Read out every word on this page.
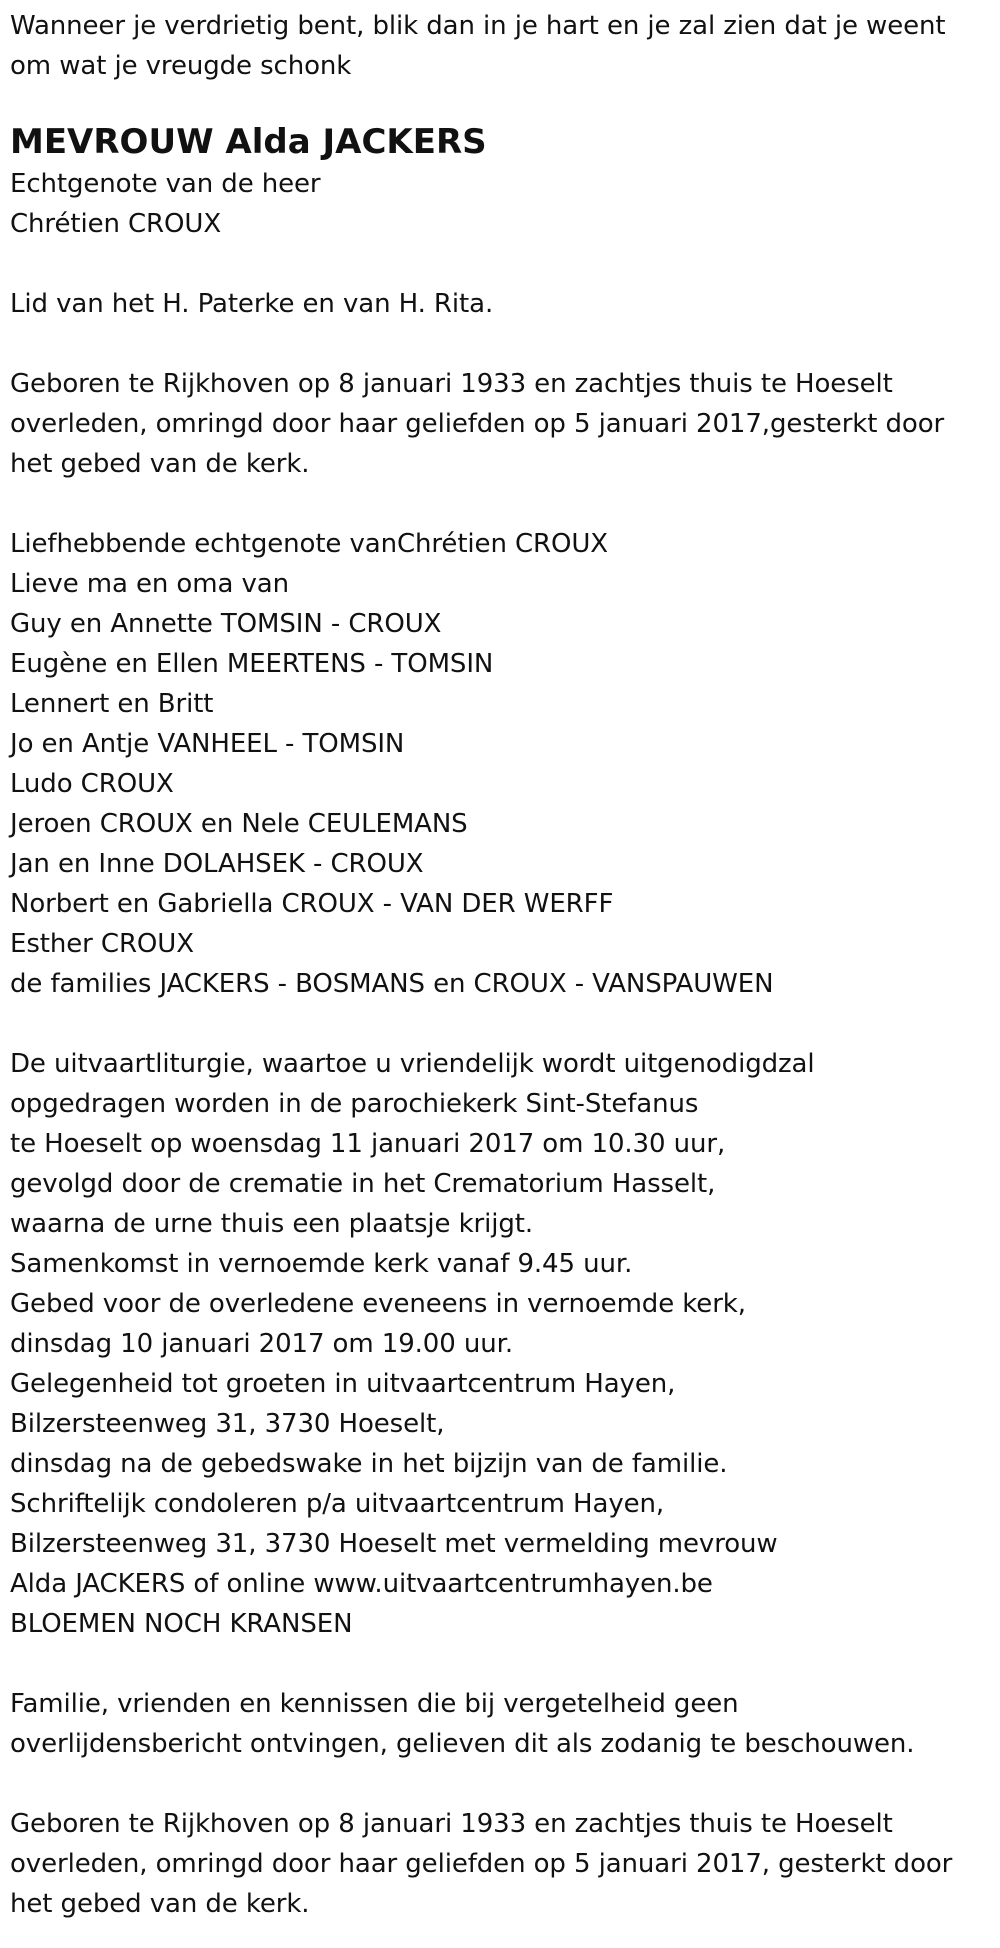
Wanneer je verdrietig bent, blik dan in je hart en je zal zien dat je weent
om wat je vreugde schonk
MEVROUW Alda JACKERS
Echtgenote van de heer
Chrétien CROUX
Lid van het H. Paterke en van H. Rita.
Geboren te Rijkhoven op 8 januari 1933 en zachtjes thuis te Hoeselt
overleden, omringd door haar geliefden op 5 januari 2017,gesterkt door
het gebed van de kerk.
Liefhebbende echtgenote vanChrétien CROUX
Lieve ma en oma van
Guy en Annette TOMSIN - CROUX
Eugène en Ellen MEERTENS - TOMSIN
Lennert en Britt
Jo en Antje VANHEEL - TOMSIN
Ludo CROUX
Jeroen CROUX en Nele CEULEMANS
Jan en Inne DOLAHSEK - CROUX
Norbert en Gabriella CROUX - VAN DER WERFF
Esther CROUX
de families JACKERS - BOSMANS en CROUX - VANSPAUWEN
De uitvaartliturgie, waartoe u vriendelijk wordt uitgenodigdzal
opgedragen worden in de parochiekerk Sint-Stefanus
te Hoeselt op woensdag 11 januari 2017 om 10.30 uur,
gevolgd door de crematie in het Crematorium Hasselt,
waarna de urne thuis een plaatsje krijgt.
Samenkomst in vernoemde kerk vanaf 9.45 uur.
Gebed voor de overledene eveneens in vernoemde kerk,
dinsdag 10 januari 2017 om 19.00 uur.
Gelegenheid tot groeten in uitvaartcentrum Hayen,
Bilzersteenweg 31, 3730 Hoeselt,
dinsdag na de gebedswake in het bijzijn van de familie.
Schriftelijk condoleren p/a uitvaartcentrum Hayen,
Bilzersteenweg 31, 3730 Hoeselt met vermelding mevrouw
Alda JACKERS of online www.uitvaartcentrumhayen.be
BLOEMEN NOCH KRANSEN
Familie, vrienden en kennissen die bij vergetelheid geen
overlijdensbericht ontvingen, gelieven dit als zodanig te beschouwen.
Geboren te Rijkhoven op 8 januari 1933 en zachtjes thuis te Hoeselt
overleden, omringd door haar geliefden op 5 januari 2017, gesterkt door
het gebed van de kerk.
